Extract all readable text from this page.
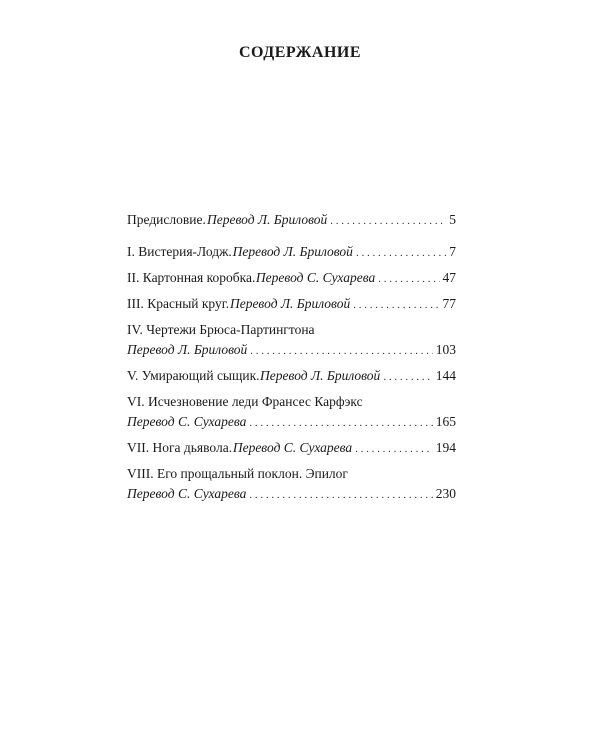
СОДЕРЖАНИЕ
Предисловие. Перевод Л. Бриловой . . .	5
I. Вистерия-Лодж. Перевод Л. Бриловой . . .	7
II. Картонная коробка. Перевод С. Сухарева . . .	47
III. Красный круг. Перевод Л. Бриловой . . .	77
IV. Чертежи Брюса-Партингтона
Перевод Л. Бриловой . . .	103
V. Умирающий сыщик. Перевод Л. Бриловой . . .	144
VI. Исчезновение леди Франсес Карфэкс
Перевод С. Сухарева . . .	165
VII. Нога дьявола. Перевод С. Сухарева . . .	194
VIII. Его прощальный поклон. Эпилог
Перевод С. Сухарева . . .	230
